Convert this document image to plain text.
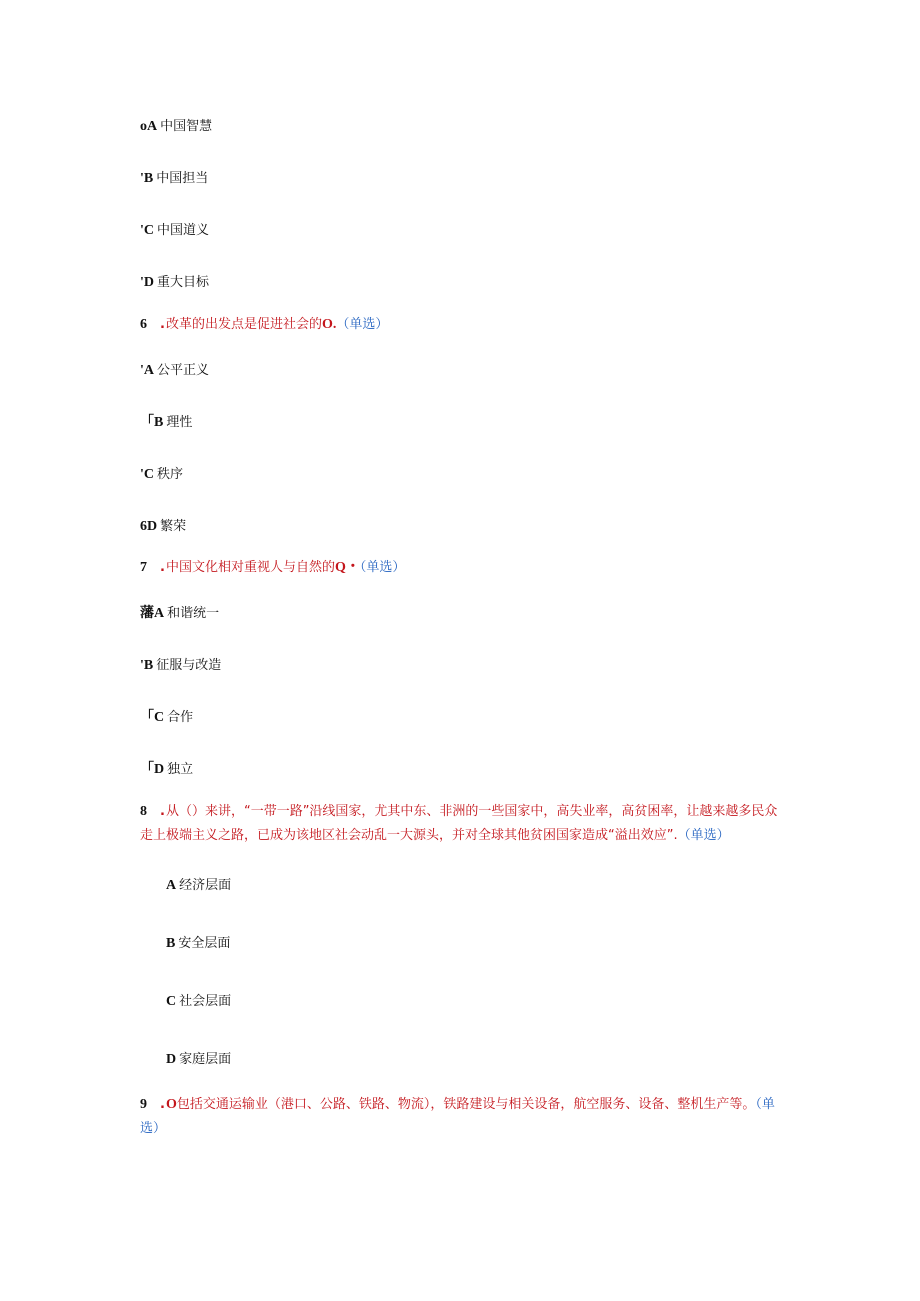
oA 中国智慧
'B 中国担当
'C 中国道义
'D 重大目标
6 .改革的出发点是促进社会的O.（单选）
'A 公平正义
「B 理性
'C 秩序
6D 繁荣
7 .中国文化相对重视人与自然的Q・（单选）
藩A 和谐统一
'B 征服与改造
「C 合作
「D 独立
8 .从（）来讲，“一带一路”沿线国家，尤其中东、非洲的一些国家中，高失业率，高贫困率，让越来越多民众走上极端主义之路，已成为该地区社会动乱一大源头，并对全球其他贫困国家造成“溢出效应”.（单选）
A 经济层面
B 安全层面
C 社会层面
D 家庭层面
9 .O包括交通运输业（港口、公路、铁路、物流），铁路建设与相关设备，航空服务、设备、整机生产等。（单选）
